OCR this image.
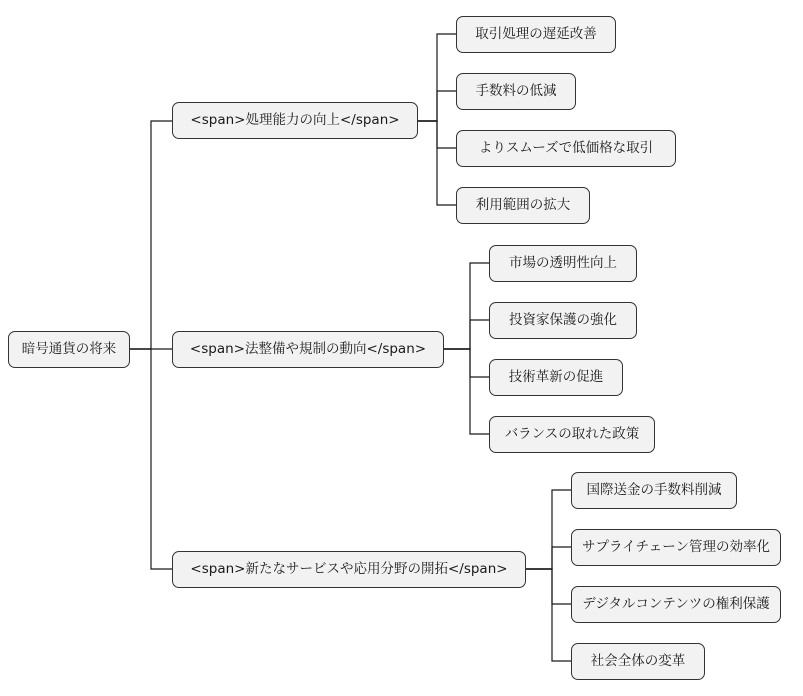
暗号通貨の将来
<span>処理能力の向上</span>
取引処理の遅延改善
手数料の低減
よりスムーズで低価格な取引
利用範囲の拡大
<span>法整備や規制の動向</span>
市場の透明性向上
投資家保護の強化
技術革新の促進
バランスの取れた政策
<span>新たなサービスや応用分野の開拓</span>
国際送金の手数料削減
サプライチェーン管理の効率化
デジタルコンテンツの権利保護
社会全体の変革
